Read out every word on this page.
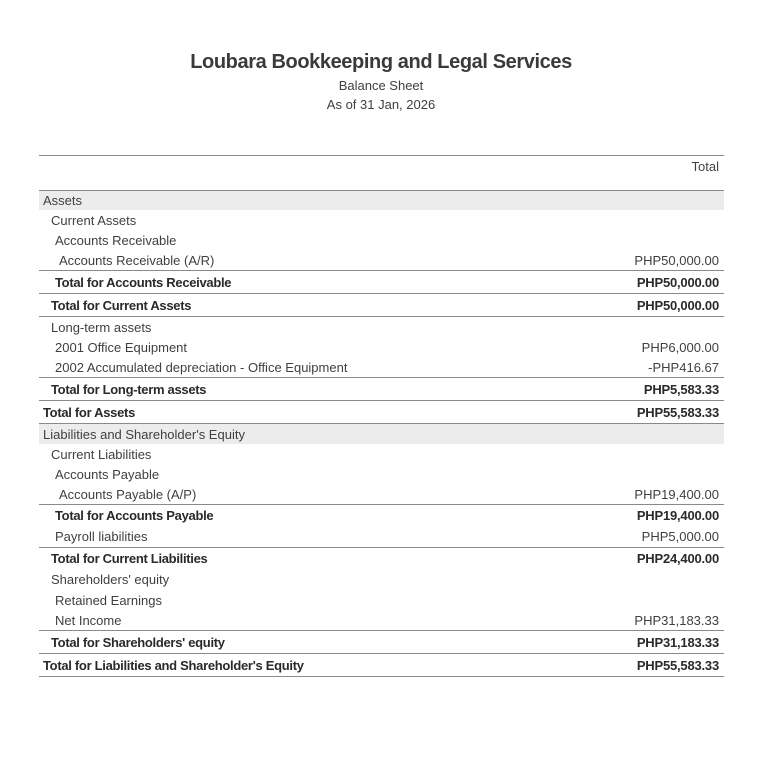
Loubara Bookkeeping and Legal Services
Balance Sheet
As of 31 Jan, 2026
Total
Assets
Current Assets
Accounts Receivable
Accounts Receivable (A/R)	PHP50,000.00
Total for Accounts Receivable	PHP50,000.00
Total for Current Assets	PHP50,000.00
Long-term assets
2001 Office Equipment	PHP6,000.00
2002 Accumulated depreciation - Office Equipment	-PHP416.67
Total for Long-term assets	PHP5,583.33
Total for Assets	PHP55,583.33
Liabilities and Shareholder's Equity
Current Liabilities
Accounts Payable
Accounts Payable (A/P)	PHP19,400.00
Total for Accounts Payable	PHP19,400.00
Payroll liabilities	PHP5,000.00
Total for Current Liabilities	PHP24,400.00
Shareholders' equity
Retained Earnings
Net Income	PHP31,183.33
Total for Shareholders' equity	PHP31,183.33
Total for Liabilities and Shareholder's Equity	PHP55,583.33
